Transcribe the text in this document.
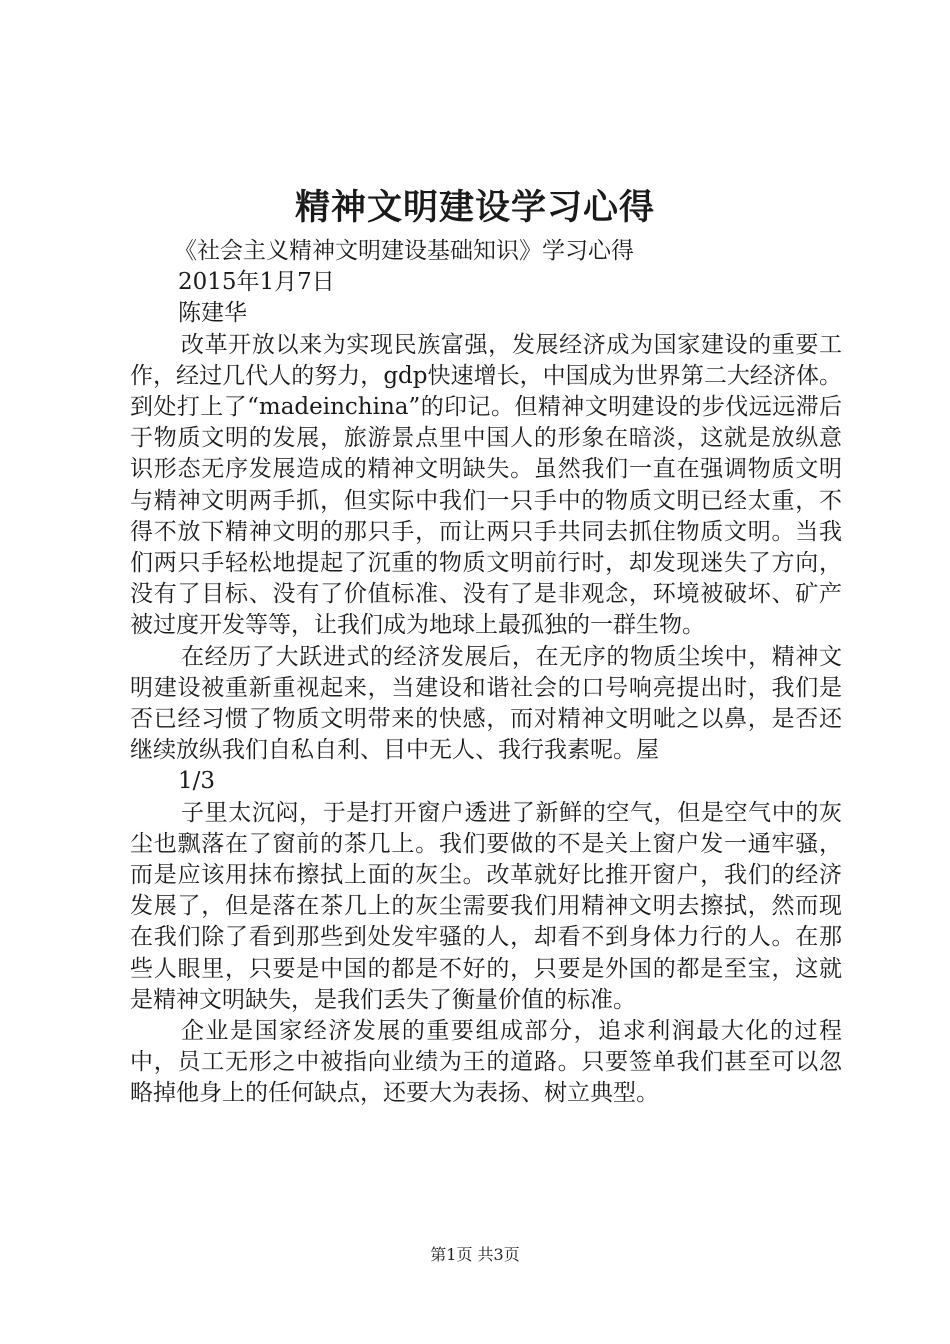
精神文明建设学习心得
《社会主义精神文明建设基础知识》学习心得
2015年1月7日
陈建华

改革开放以来为实现民族富强，发展经济成为国家建设的重要工作，经过几代人的努力，gdp快速增长，中国成为世界第二大经济体。到处打上了“madeinchina”的印记。但精神文明建设的步伐远远滞后于物质文明的发展，旅游景点里中国人的形象在暗淡，这就是放纵意识形态无序发展造成的精神文明缺失。虽然我们一直在强调物质文明与精神文明两手抓，但实际中我们一只手中的物质文明已经太重，不得不放下精神文明的那只手，而让两只手共同去抓住物质文明。当我们两只手轻松地提起了沉重的物质文明前行时，却发现迷失了方向，没有了目标、没有了价值标准、没有了是非观念，环境被破坏、矿产被过度开发等等，让我们成为地球上最孤独的一群生物。

在经历了大跃进式的经济发展后，在无序的物质尘埃中，精神文明建设被重新重视起来，当建设和谐社会的口号响亮提出时，我们是否已经习惯了物质文明带来的快感，而对精神文明呲之以鼻，是否还继续放纵我们自私自利、目中无人、我行我素呢。屋

1/3

子里太沉闷，于是打开窗户透进了新鲜的空气，但是空气中的灰尘也飘落在了窗前的茶几上。我们要做的不是关上窗户发一通牢骚，而是应该用抹布擦拭上面的灰尘。改革就好比推开窗户，我们的经济发展了，但是落在茶几上的灰尘需要我们用精神文明去擦拭，然而现在我们除了看到那些到处发牢骚的人，却看不到身体力行的人。在那些人眼里，只要是中国的都是不好的，只要是外国的都是至宝，这就是精神文明缺失，是我们丢失了衡量价值的标准。

企业是国家经济发展的重要组成部分，追求利润最大化的过程中，员工无形之中被指向业绩为王的道路。只要签单我们甚至可以忽略掉他身上的任何缺点，还要大为表扬、树立典型。

第1页 共3页
